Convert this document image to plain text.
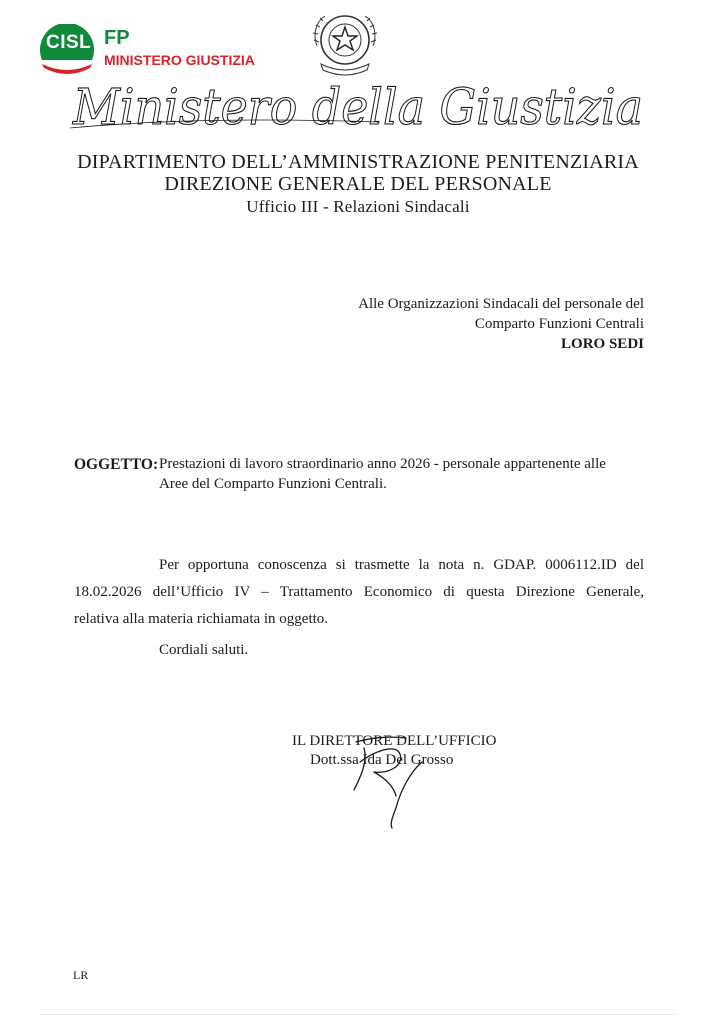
CISL FP
MINISTERO GIUSTIZIA
Ministero della Giustizia
DIPARTIMENTO DELL’AMMINISTRAZIONE PENITENZIARIA
DIREZIONE GENERALE DEL PERSONALE
Ufficio III - Relazioni Sindacali
Alle Organizzazioni Sindacali del personale del
Comparto Funzioni Centrali
LORO SEDI
OGGETTO: Prestazioni di lavoro straordinario anno 2026 - personale appartenente alle
Aree del Comparto Funzioni Centrali.
Per opportuna conoscenza si trasmette la nota n. GDAP. 0006112.ID del
18.02.2026 dell’Ufficio IV – Trattamento Economico di questa Direzione Generale,
relativa alla materia richiamata in oggetto.
Cordiali saluti.
IL DIRETTORE DELL’UFFICIO
Dott.ssa Ida Del Grosso
LR
